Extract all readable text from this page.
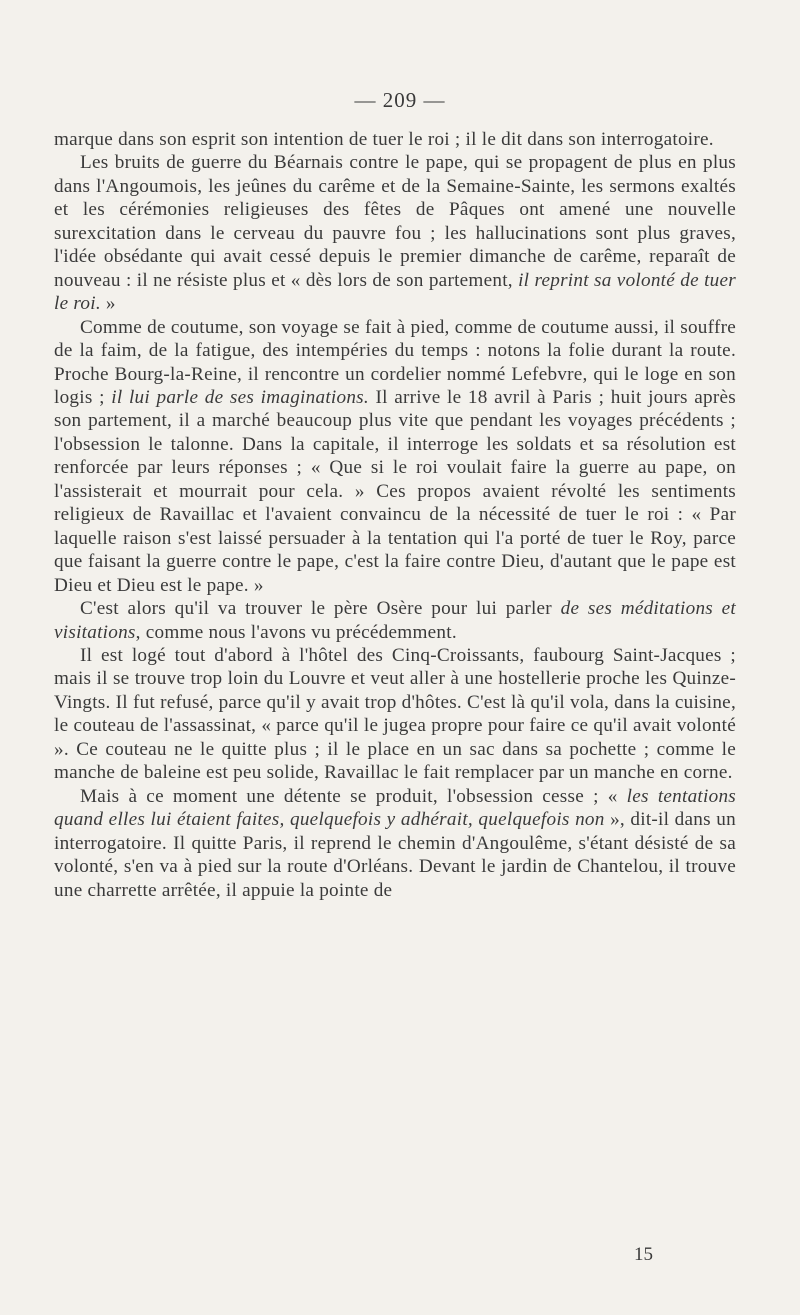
— 209 —

marque dans son esprit son intention de tuer le roi ; il le dit dans son interrogatoire.

Les bruits de guerre du Béarnais contre le pape, qui se propagent de plus en plus dans l'Angoumois, les jeûnes du carême et de la Semaine-Sainte, les sermons exaltés et les cérémonies religieuses des fêtes de Pâques ont amené une nouvelle surexcitation dans le cerveau du pauvre fou ; les hallucinations sont plus graves, l'idée obsédante qui avait cessé depuis le premier dimanche de carême, reparaît de nouveau : il ne résiste plus et « dès lors de son partement, il reprint sa volonté de tuer le roi. »

Comme de coutume, son voyage se fait à pied, comme de coutume aussi, il souffre de la faim, de la fatigue, des intempéries du temps : notons la folie durant la route. Proche Bourg-la-Reine, il rencontre un cordelier nommé Lefebvre, qui le loge en son logis ; il lui parle de ses imaginations. Il arrive le 18 avril à Paris ; huit jours après son partement, il a marché beaucoup plus vite que pendant les voyages précédents ; l'obsession le talonne. Dans la capitale, il interroge les soldats et sa résolution est renforcée par leurs réponses ; « Que si le roi voulait faire la guerre au pape, on l'assisterait et mourrait pour cela. » Ces propos avaient révolté les sentiments religieux de Ravaillac et l'avaient convaincu de la nécessité de tuer le roi : « Par laquelle raison s'est laissé persuader à la tentation qui l'a porté de tuer le Roy, parce que faisant la guerre contre le pape, c'est la faire contre Dieu, d'autant que le pape est Dieu et Dieu est le pape. »

C'est alors qu'il va trouver le père Osère pour lui parler de ses méditations et visitations, comme nous l'avons vu précédemment.

Il est logé tout d'abord à l'hôtel des Cinq-Croissants, faubourg Saint-Jacques ; mais il se trouve trop loin du Louvre et veut aller à une hostellerie proche les Quinze-Vingts. Il fut refusé, parce qu'il y avait trop d'hôtes. C'est là qu'il vola, dans la cuisine, le couteau de l'assassinat, « parce qu'il le jugea propre pour faire ce qu'il avait volonté ». Ce couteau ne le quitte plus ; il le place en un sac dans sa pochette ; comme le manche de baleine est peu solide, Ravaillac le fait remplacer par un manche en corne.

Mais à ce moment une détente se produit, l'obsession cesse ; « les tentations quand elles lui étaient faites, quelquefois y adhérait, quelquefois non », dit-il dans un interrogatoire. Il quitte Paris, il reprend le chemin d'Angoulême, s'étant désisté de sa volonté, s'en va à pied sur la route d'Orléans. Devant le jardin de Chantelou, il trouve une charrette arrêtée, il appuie la pointe de

15
